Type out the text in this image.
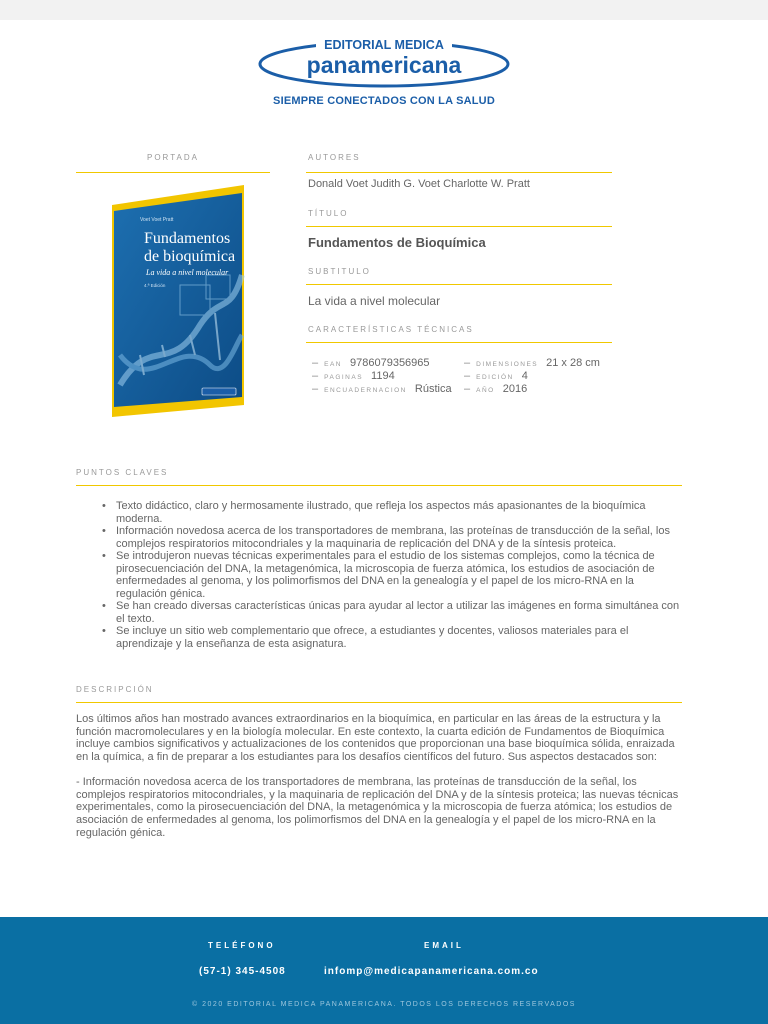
EDITORIAL MEDICA
panamericana
SIEMPRE CONECTADOS CON LA SALUD
PORTADA
Voet Voet Pratt
Fundamentos
de bioquímica
La vida a nivel molecular
4.ª Edición
AUTORES
Donald Voet Judith G. Voet Charlotte W. Pratt
TÍTULO
Fundamentos de Bioquímica
SUBTITULO
La vida a nivel molecular
CARACTERÍSTICAS TÉCNICAS
– EAN 9786079356965
– PAGINAS 1194
– ENCUADERNACION Rústica
– DIMENSIONES 21 x 28 cm
– EDICIÓN 4
– AÑO 2016
PUNTOS CLAVES
• Texto didáctico, claro y hermosamente ilustrado, que refleja los aspectos más apasionantes de la bioquímica moderna.
• Información novedosa acerca de los transportadores de membrana, las proteínas de transducción de la señal, los complejos respiratorios mitocondriales y la maquinaria de replicación del DNA y de la síntesis proteica.
• Se introdujeron nuevas técnicas experimentales para el estudio de los sistemas complejos, como la técnica de pirosecuenciación del DNA, la metagenómica, la microscopia de fuerza atómica, los estudios de asociación de enfermedades al genoma, y los polimorfismos del DNA en la genealogía y el papel de los micro-RNA en la regulación génica.
• Se han creado diversas características únicas para ayudar al lector a utilizar las imágenes en forma simultánea con el texto.
• Se incluye un sitio web complementario que ofrece, a estudiantes y docentes, valiosos materiales para el aprendizaje y la enseñanza de esta asignatura.
DESCRIPCIÓN

Los últimos años han mostrado avances extraordinarios en la bioquímica, en particular en las áreas de la estructura y la función macromoleculares y en la biología molecular. En este contexto, la cuarta edición de Fundamentos de Bioquímica incluye cambios significativos y actualizaciones de los contenidos que proporcionan una base bioquímica sólida, enraizada en la química, a fin de preparar a los estudiantes para los desafíos científicos del futuro. Sus aspectos destacados son:

- Información novedosa acerca de los transportadores de membrana, las proteínas de transducción de la señal, los complejos respiratorios mitocondriales, y la maquinaria de replicación del DNA y de la síntesis proteica; las nuevas técnicas experimentales, como la pirosecuenciación del DNA, la metagenómica y la microscopia de fuerza atómica; los estudios de asociación de enfermedades al genoma, los polimorfismos del DNA en la genealogía y el papel de los micro-RNA en la regulación génica.

TELÉFONO
(57-1) 345-4508
EMAIL
infomp@medicapanamericana.com.co
© 2020 EDITORIAL MEDICA PANAMERICANA. TODOS LOS DERECHOS RESERVADOS
